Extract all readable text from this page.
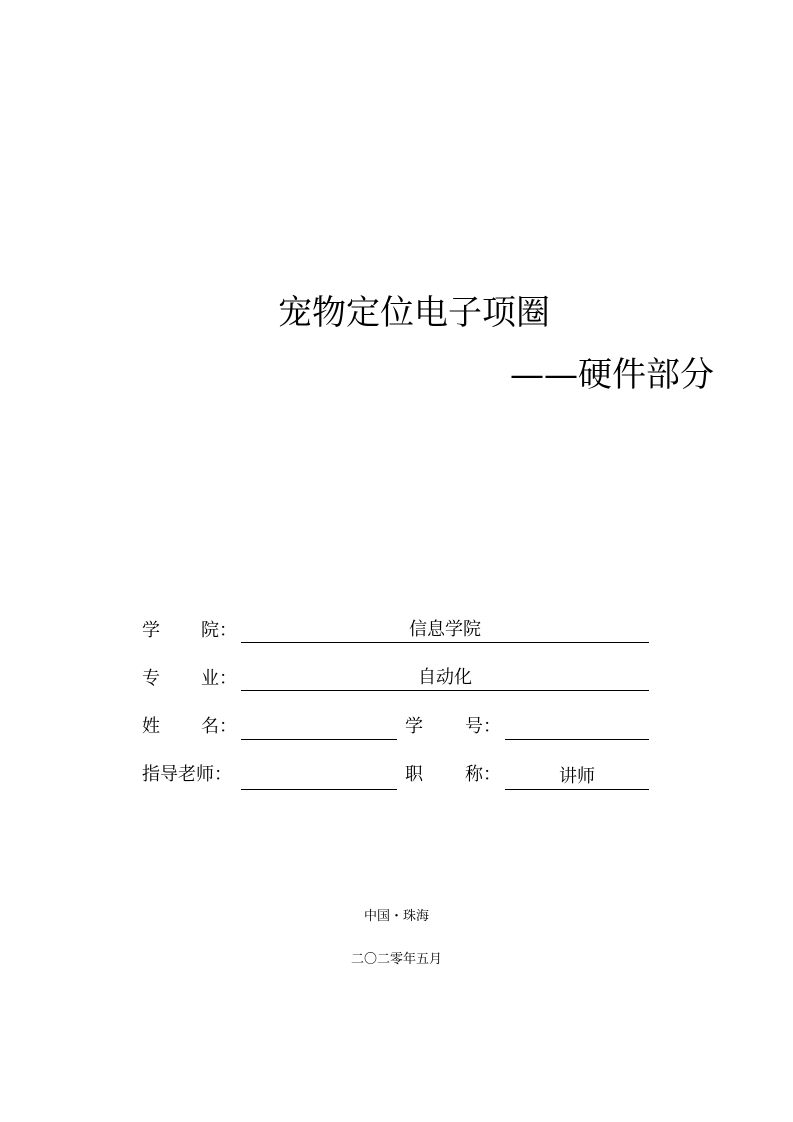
宠物定位电子项圈
——硬件部分
学 院：	信息学院
专 业：	自动化
姓 名：	学 号：
指导老师：	职 称：	讲师
中国・珠海
二〇二零年五月
